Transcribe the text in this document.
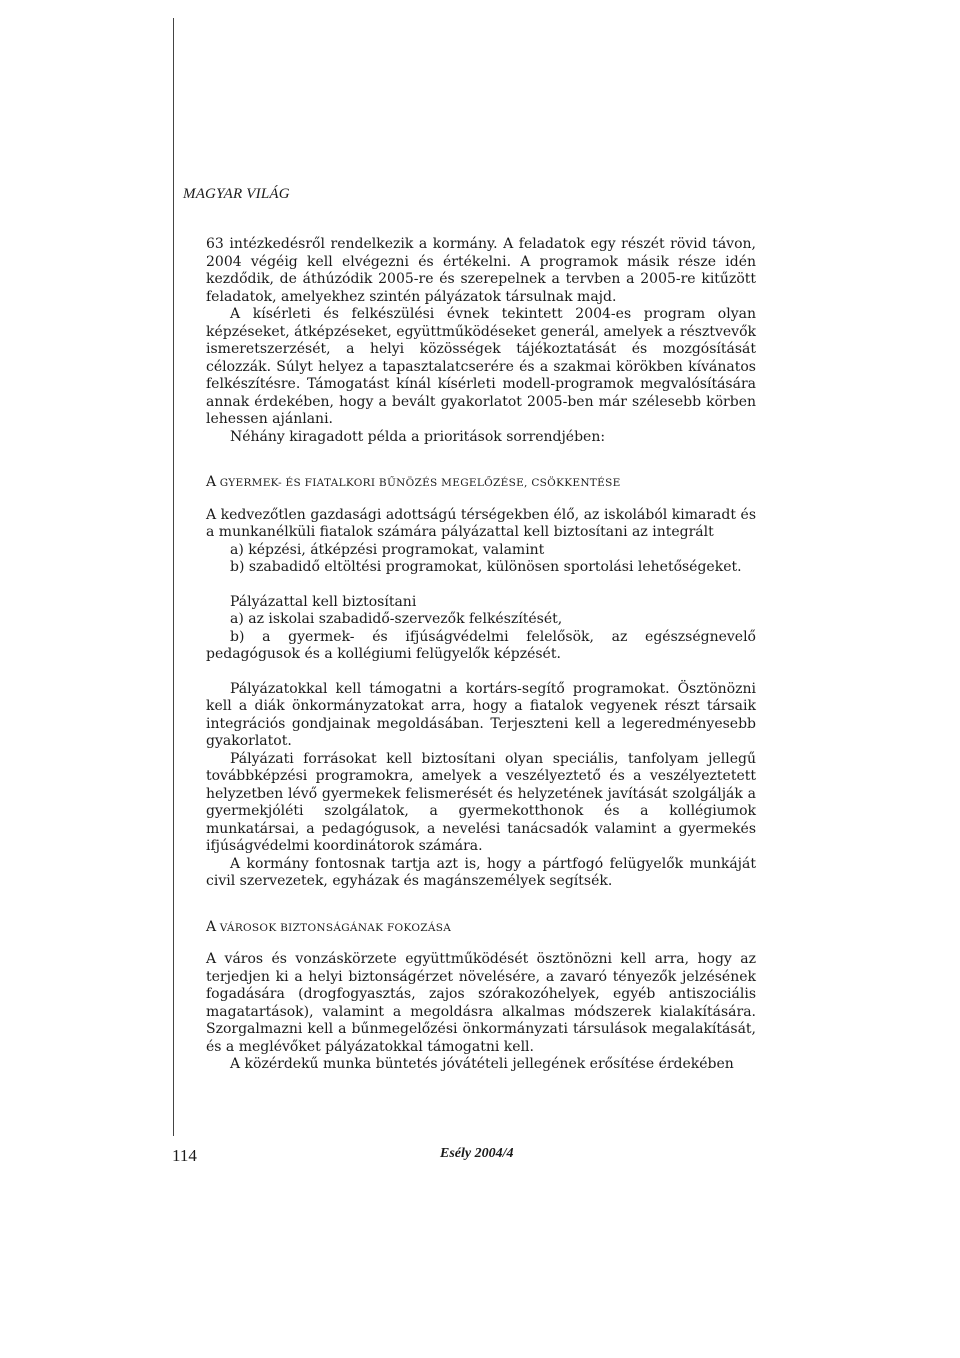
MAGYAR VILÁG

63 intézkedésről rendelkezik a kormány. A feladatok egy részét rövid távon, 2004 végéig kell elvégezni és értékelni. A programok másik része idén kezdődik, de áthúzódik 2005-re és szerepelnek a tervben a 2005-re kitűzött feladatok, amelyekhez szintén pályázatok társulnak majd.

A kísérleti és felkészülési évnek tekintett 2004-es program olyan képzéseket, átképzéseket, együttműködéseket generál, amelyek a résztvevők ismeretszerzését, a helyi közösségek tájékoztatását és mozgósítását célozzák. Súlyt helyez a tapasztalatcserére és a szakmai körökben kívánatos felkészítésre. Támogatást kínál kísérleti modell-programok megvalósítására annak érdekében, hogy a bevált gyakorlatot 2005-ben már szélesebb körben lehessen ajánlani.

Néhány kiragadott példa a prioritások sorrendjében:

A GYERMEK- ÉS FIATALKORI BŰNÖZÉS MEGELŐZÉSE, CSÖKKENTÉSE

A kedvezőtlen gazdasági adottságú térségekben élő, az iskolából kimaradt és a munkanélküli fiatalok számára pályázattal kell biztosítani az integrált

a) képzési, átképzési programokat, valamint

b) szabadidő eltöltési programokat, különösen sportolási lehetőségeket.

Pályázattal kell biztosítani

a) az iskolai szabadidő-szervezők felkészítését,

b) a gyermek- és ifjúságvédelmi felelősök, az egészségnevelő pedagógusok és a kollégiumi felügyelők képzését.

Pályázatokkal kell támogatni a kortárs-segítő programokat. Ösztönözni kell a diák önkormányzatokat arra, hogy a fiatalok vegyenek részt társaik integrációs gondjainak megoldásában. Terjeszteni kell a legeredményesebb gyakorlatot.

Pályázati forrásokat kell biztosítani olyan speciális, tanfolyam jellegű továbbképzési programokra, amelyek a veszélyeztető és a veszélyeztetett helyzetben lévő gyermekek felismerését és helyzetének javítását szolgálják a gyermekjóléti szolgálatok, a gyermekotthonok és a kollégiumok munkatársai, a pedagógusok, a nevelési tanácsadók valamint a gyermekés ifjúságvédelmi koordinátorok számára.

A kormány fontosnak tartja azt is, hogy a pártfogó felügyelők munkáját civil szervezetek, egyházak és magánszemélyek segítsék.

A VÁROSOK BIZTONSÁGÁNAK FOKOZÁSA

A város és vonzáskörzete együttműködését ösztönözni kell arra, hogy az terjedjen ki a helyi biztonságérzet növelésére, a zavaró tényezők jelzésének fogadására (drogfogyasztás, zajos szórakozóhelyek, egyéb antiszociális magatartások), valamint a megoldásra alkalmas módszerek kialakítására. Szorgalmazni kell a bűnmegelőzési önkormányzati társulások megalakítását, és a meglévőket pályázatokkal támogatni kell.

A közérdekű munka büntetés jóvátételi jellegének erősítése érdekében

114	Esély 2004/4
